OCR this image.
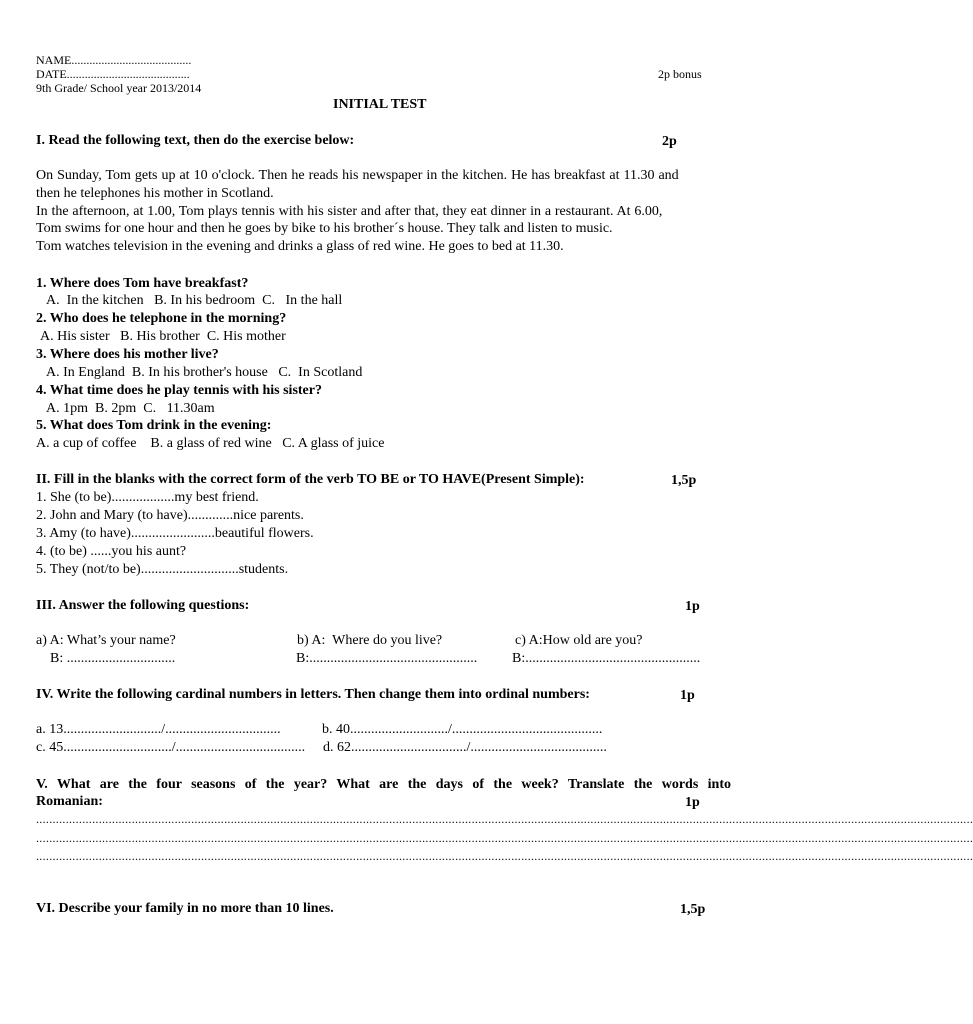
NAME........................................
DATE.........................................	2p bonus
9th Grade/ School year 2013/2014
INITIAL TEST
I. Read the following text, then do the exercise below:	2p
On Sunday, Tom gets up at 10 o'clock. Then he reads his newspaper in the kitchen. He has breakfast at 11.30 and
then he telephones his mother in Scotland.
In the afternoon, at 1.00, Tom plays tennis with his sister and after that, they eat dinner in a restaurant. At 6.00,
Tom swims for one hour and then he goes by bike to his brother´s house. They talk and listen to music.
Tom watches television in the evening and drinks a glass of red wine. He goes to bed at 11.30.
1. Where does Tom have breakfast?
A.  In the kitchen   B. In his bedroom  C.   In the hall
2. Who does he telephone in the morning?
A. His sister   B. His brother  C. His mother
3. Where does his mother live?
A. In England  B. In his brother's house   C.  In Scotland
4. What time does he play tennis with his sister?
A. 1pm  B. 2pm  C.   11.30am
5. What does Tom drink in the evening:
A. a cup of coffee    B. a glass of red wine   C. A glass of juice
II. Fill in the blanks with the correct form of the verb TO BE or TO HAVE(Present Simple):	1,5p
1. She (to be)..................my best friend.
2. John and Mary (to have).............nice parents.
3. Amy (to have)........................beautiful flowers.
4. (to be) ......you his aunt?
5. They (not/to be)............................students.
III. Answer the following questions:	1p
a) A: What’s your name?
B: ...............................
b) A:  Where do you live?
B:................................................
c) A:How old are you?
B:..................................................
IV. Write the following cardinal numbers in letters. Then change them into ordinal numbers:	1p
a. 13............................/.................................	b. 40............................/...........................................
c. 45.............................../..................................... d. 62................................./.......................................
V. What are the four seasons of the year? What are the days of the week? Translate the words into
Romanian:	1p
............................................................................................................................................................................................................................................................................................
............................................................................................................................................................................................................................................................................................
............................................................................................................................................................................................................................................................................................
VI. Describe your family in no more than 10 lines.	1,5p
